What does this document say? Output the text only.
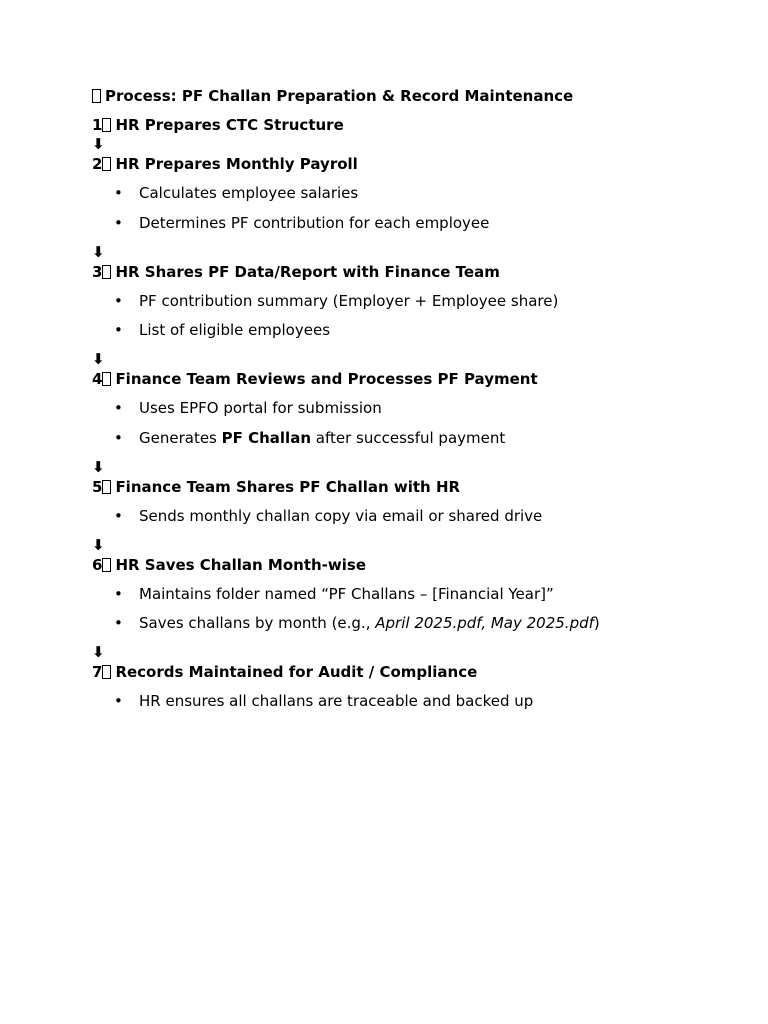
Process: PF Challan Preparation & Record Maintenance
1 HR Prepares CTC Structure
⬇
2 HR Prepares Monthly Payroll
• Calculates employee salaries
• Determines PF contribution for each employee
⬇
3 HR Shares PF Data/Report with Finance Team
• PF contribution summary (Employer + Employee share)
• List of eligible employees
⬇
4 Finance Team Reviews and Processes PF Payment
• Uses EPFO portal for submission
• Generates PF Challan after successful payment
⬇
5 Finance Team Shares PF Challan with HR
• Sends monthly challan copy via email or shared drive
⬇
6 HR Saves Challan Month-wise
• Maintains folder named “PF Challans – [Financial Year]”
• Saves challans by month (e.g., April 2025.pdf, May 2025.pdf)
⬇
7 Records Maintained for Audit / Compliance
• HR ensures all challans are traceable and backed up
